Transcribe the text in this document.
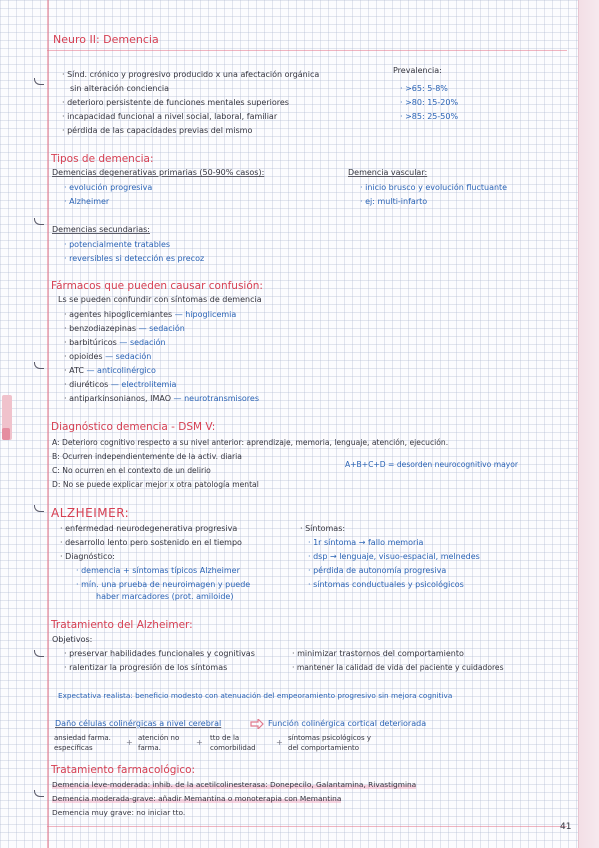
Neuro II: Demencia
· Sínd. crónico y progresivo producido x una afectación orgánica
sin alteración conciencia
· deterioro persistente de funciones mentales superiores
· incapacidad funcional a nivel social, laboral, familiar
· pérdida de las capacidades previas del mismo
Prevalencia:
· >65: 5-8%
· >80: 15-20%
· >85: 25-50%
Tipos de demencia:
Demencias degenerativas primarias (50-90% casos):
· evolución progresiva
· Alzheimer
Demencia vascular:
· inicio brusco y evolución fluctuante
· ej: multi-infarto
Demencias secundarias:
· potencialmente tratables
· reversibles si detección es precoz
Fármacos que pueden causar confusión:
Ls se pueden confundir con síntomas de demencia
· agentes hipoglicemiantes — hipoglicemia
· benzodiazepinas — sedación
· barbitúricos — sedación
· opioides — sedación
· ATC — anticolinérgico
· diuréticos — electrolitemia
· antiparkinsonianos, IMAO — neurotransmisores
Diagnóstico demencia - DSM V:
A: Deterioro cognitivo respecto a su nivel anterior: aprendizaje, memoria, lenguaje, atención, ejecución.
B: Ocurren independientemente de la activ. diaria
C: No ocurren en el contexto de un delirio
D: No se puede explicar mejor x otra patología mental
A+B+C+D = desorden neurocognitivo mayor
ALZHEIMER:
· enfermedad neurodegenerativa progresiva
· desarrollo lento pero sostenido en el tiempo
· Diagnóstico:
· demencia + síntomas típicos Alzheimer
· mín. una prueba de neuroimagen y puede
haber marcadores (prot. amiloide)
· Síntomas:
· 1r síntoma → fallo memoria
· dsp → lenguaje, visuo-espacial, melnedes
· pérdida de autonomía progresiva
· síntomas conductuales y psicológicos
Tratamiento del Alzheimer:
Objetivos:
· preservar habilidades funcionales y cognitivas
· ralentizar la progresión de los síntomas
· minimizar trastornos del comportamiento
· mantener la calidad de vida del paciente y cuidadores
Expectativa realista: beneficio modesto con atenuación del empeoramiento progresivo sin mejora cognitiva
Daño células colinérgicas a nivel cerebral	Función colinérgica cortical deteriorada
ansiedad farma.
específicas
atención no
farma.
tto de la
comorbilidad
síntomas psicológicos y
del comportamiento
+	+	+
Tratamiento farmacológico:
Demencia leve-moderada: inhib. de la acetilcolinesterasa: Donepecilo, Galantamina, Rivastigmina
Demencia moderada-grave: añadir Memantina o monoterapia con Memantina
Demencia muy grave: no iniciar tto.
41
